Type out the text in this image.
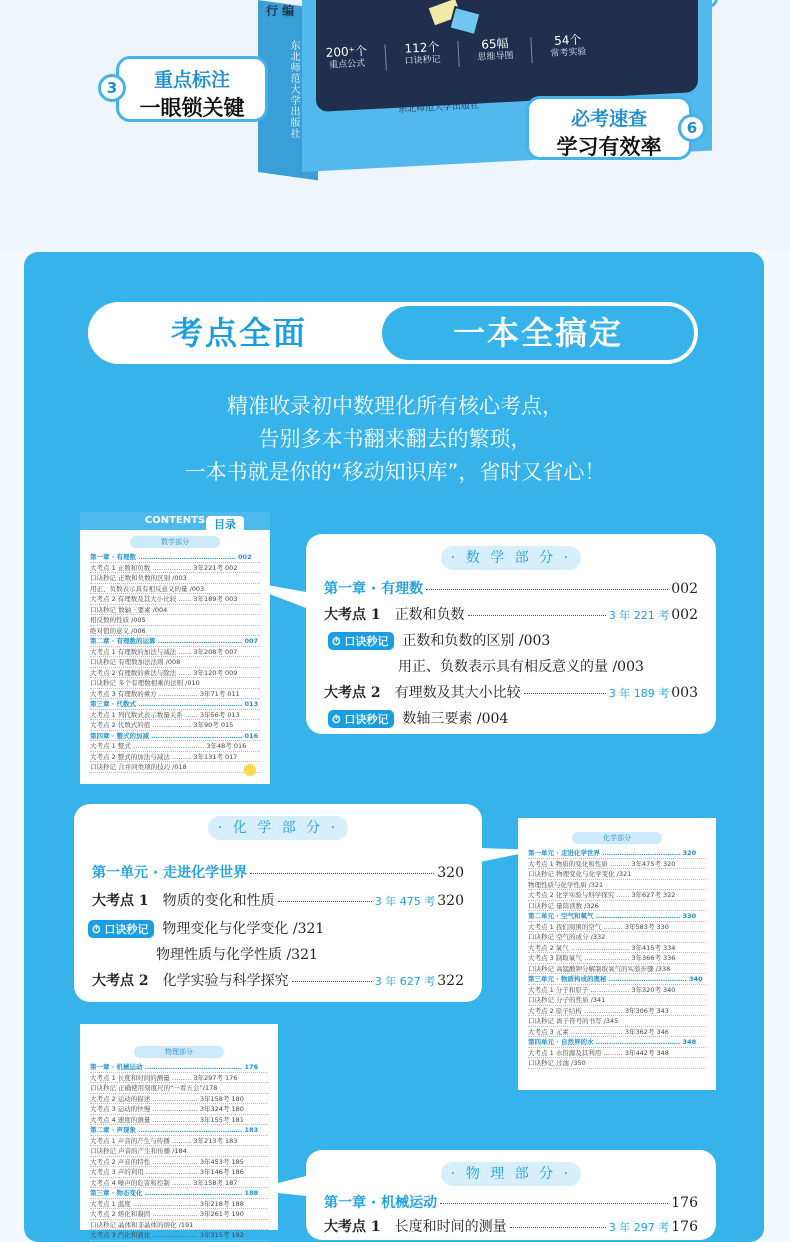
东北师范大学出版社
行 编
200⁺个
重点公式
112个
口诀秒记
65幅
思维导图
54个
常考实验
东北师范大学出版社
重点标注
一眼锁关键
3
必考速查
学习有效率
6
考点全面	一本全搞定
精准收录初中数理化所有核心考点，
告别多本书翻来翻去的繁琐，
一本书就是你的“移动知识库”，省时又省心！
CONTENTS 目录
数学部分
第一章 · 有理数 ……………………………………… 002
大考点 1 正数和负数 ……………… 3年221考 002
口诀秒记 正数和负数的区别 /003
用正、负数表示具有相反意义的量 /003
大考点 2 有理数及其大小比较 …… 3年189考 003
口诀秒记 数轴三要素 /004
相反数的性质 /005
绝对值的意义 /006
第二章 · 有理数的运算 ………………………………… 007
大考点 1 有理数的加法与减法 …… 3年208考 007
口诀秒记 有理数加法法则 /008
大考点 2 有理数的乘法与除法 …… 3年120考 009
口诀秒记 多个有理数相乘的法则 /010
大考点 3 有理数的乘方 ……………… 3年71考 011
第三章 · 代数式 ………………………………………… 013
大考点 1 列代数式表示数量关系 …… 3年56考 013
大考点 2 代数式的值 ……………… 3年90考 015
第四章 · 整式的加减 …………………………………… 016
大考点 1 整式 …………………………… 3年48考 016
大考点 2 整式的加法与减法 ……… 3年131考 017
口诀秒记 合并同类项的技巧 /018
· 数 学 部 分 ·
第一章 · 有理数	002
大考点 1 正数和负数	3 年 221 考 002
⏱ 口诀秒记 正数和负数的区别 /003
用正、负数表示具有相反意义的量 /003
大考点 2 有理数及其大小比较	3 年 189 考 003
⏱ 口诀秒记 数轴三要素 /004
· 化 学 部 分 ·
第一单元 · 走进化学世界	320
大考点 1 物质的变化和性质	3 年 475 考 320
⏱ 口诀秒记 物理变化与化学变化 /321
物理性质与化学性质 /321
大考点 2 化学实验与科学探究	3 年 627 考 322
化学部分
第一单元 · 走进化学世界 ……………………………… 320
大考点 1 物质的变化和性质 ……… 3年475考 320
口诀秒记 物理变化与化学变化 /321
物理性质与化学性质 /321
大考点 2 化学实验与科学探究 …… 3年627考 322
口诀秒记 量筒读数 /326
第二单元 · 空气和氧气 ………………………………… 330
大考点 1 我们周围的空气 ……… 3年583考 330
口诀秒记 空气的成分 /332
大考点 2 氧气 ……………………… 3年415考 334
大考点 3 制取氧气 ………………… 3年366考 336
口诀秒记 高锰酸钾分解制取氧气的实验步骤 /338
第三单元 · 物质构成的奥秘 ……………………………… 340
大考点 1 分子和原子 ……………… 3年320考 340
口诀秒记 分子的性质 /341
大考点 2 原子结构 ……………… 3年306考 343
口诀秒记 离子符号的书写 /345
大考点 3 元素 …………………… 3年362考 346
第四单元 · 自然界的水 ………………………………… 348
大考点 1 水资源及其利用 ……… 3年442考 348
口诀秒记 过滤 /350
物理部分
第一章 · 机械运动 ……………………………………… 176
大考点 1 长度和时间的测量 ……… 3年297考 176
口诀秒记 正确使用刻度尺的“一看五会”/178
大考点 2 运动的描述 ………………… 3年158考 180
大考点 3 运动的快慢 ………………… 3年324考 180
大考点 4 速度的测量 ………………… 3年155考 181
第二章 · 声现象 ………………………………………… 183
大考点 1 声音的产生与传播 ……… 3年213考 183
口诀秒记 声音的产生和传播 /184
大考点 2 声音的特性 ………………… 3年453考 185
大考点 3 声的利用 …………………… 3年146考 186
大考点 4 噪声的危害和控制 ……… 3年158考 187
第三章 · 物态变化 ……………………………………… 188
大考点 1 温度 ………………………… 3年218考 188
大考点 2 熔化和凝固 ………………… 3年261考 190
口诀秒记 晶体和非晶体的熔化 /191
大考点 3 汽化和液化 ………………… 3年315考 192
· 物 理 部 分 ·
第一章 · 机械运动	176
大考点 1 长度和时间的测量	3 年 297 考 176
